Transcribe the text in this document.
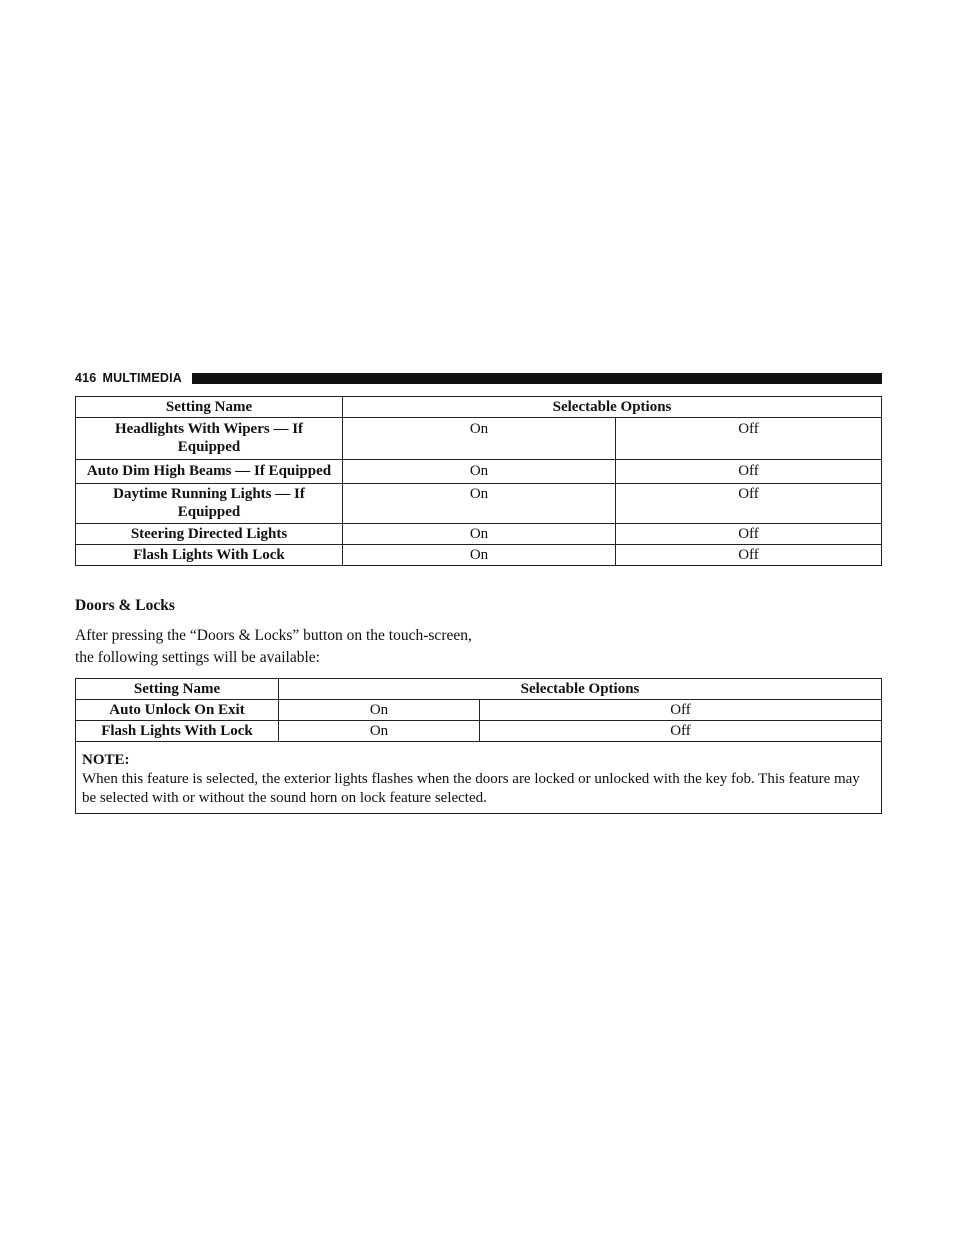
416 MULTIMEDIA
Setting Name	Selectable Options	
Headlights With Wipers — If Equipped	On	Off
Auto Dim High Beams — If Equipped	On	Off
Daytime Running Lights — If Equipped	On	Off
Steering Directed Lights	On	Off
Flash Lights With Lock	On	Off
Doors & Locks
After pressing the “Doors & Locks” button on the touch-screen, the following settings will be available:
Setting Name	Selectable Options	
Auto Unlock On Exit	On	Off
Flash Lights With Lock	On	Off

NOTE:
When this feature is selected, the exterior lights flashes when the doors are locked or unlocked with the key fob. This feature may be selected with or without the sound horn on lock feature selected.		
